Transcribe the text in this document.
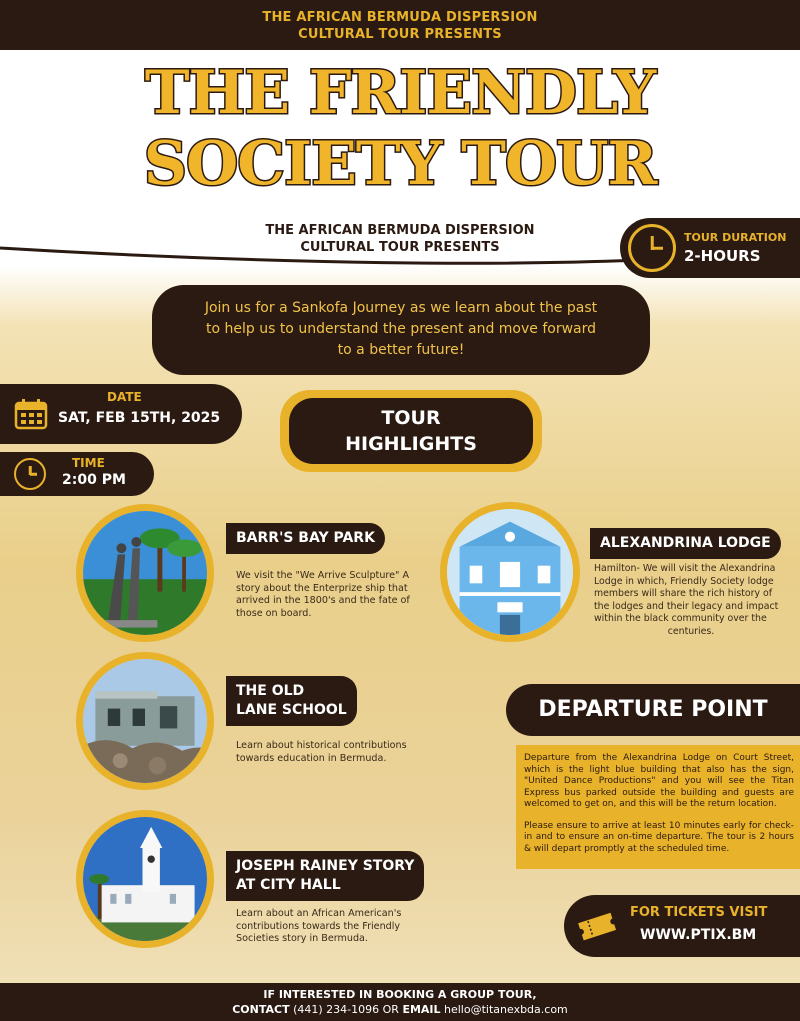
THE AFRICAN BERMUDA DISPERSION
CULTURAL TOUR PRESENTS
THE FRIENDLY
SOCIETY TOUR
THE AFRICAN BERMUDA DISPERSION
CULTURAL TOUR PRESENTS
TOUR DURATION
2-HOURS
Join us for a Sankofa Journey as we learn about the past
to help us to understand the present and move forward
to a better future!
DATE
SAT, FEB 15TH, 2025
TIME
2:00 PM
TOUR
HIGHLIGHTS
BARR'S BAY PARK
We visit the "We Arrive Sculpture" A
story about the Enterprize ship that
arrived in the 1800's and the fate of
those on board.
ALEXANDRINA LODGE
Hamilton- We will visit the Alexandrina
Lodge in which, Friendly Society lodge
members will share the rich history of
the lodges and their legacy and impact
within the black community over the
centuries.
THE OLD
LANE SCHOOL
Learn about historical contributions
towards education in Bermuda.
JOSEPH RAINEY STORY
AT CITY HALL
Learn about an African American's
contributions towards the Friendly
Societies story in Bermuda.
DEPARTURE POINT

Departure from the Alexandrina Lodge on Court Street, which is the light blue building that also has the sign, "United Dance Productions" and you will see the Titan Express bus parked outside the building and guests are welcomed to get on, and this will be the return location.

Please ensure to arrive at least 10 minutes early for check-in and to ensure an on-time departure. The tour is 2 hours & will depart promptly at the scheduled time.

FOR TICKETS VISIT
WWW.PTIX.BM
IF INTERESTED IN BOOKING A GROUP TOUR,
CONTACT (441) 234-1096 OR EMAIL hello@titanexbda.com
